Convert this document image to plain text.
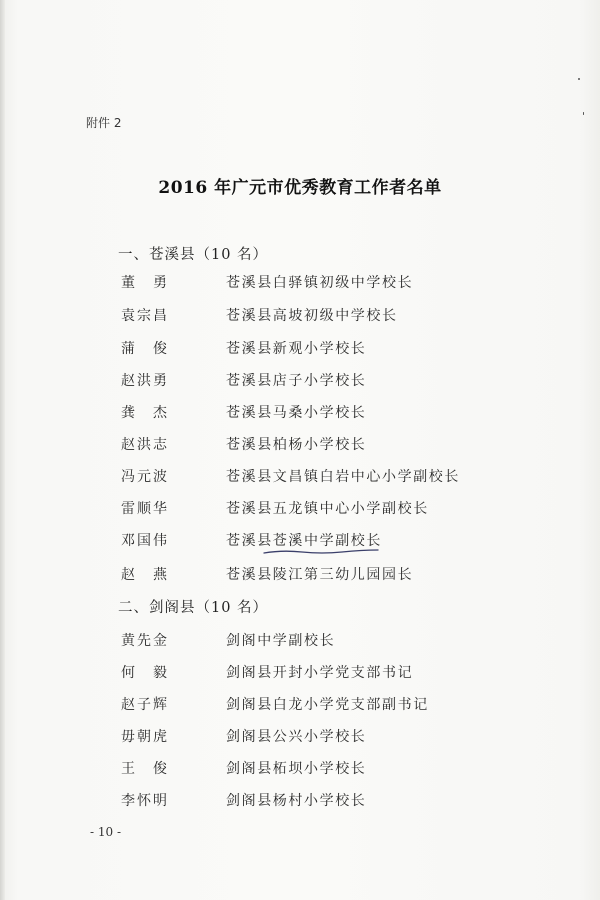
附件 2
2016 年广元市优秀教育工作者名单
一、苍溪县（10 名）
董 勇	苍溪县白驿镇初级中学校长
袁宗昌	苍溪县高坡初级中学校长
蒲 俊	苍溪县新观小学校长
赵洪勇	苍溪县店子小学校长
龚 杰	苍溪县马桑小学校长
赵洪志	苍溪县柏杨小学校长
冯元波	苍溪县文昌镇白岩中心小学副校长
雷顺华	苍溪县五龙镇中心小学副校长
邓国伟	苍溪县苍溪中学副校长
赵 燕	苍溪县陵江第三幼儿园园长
二、剑阁县（10 名）
黄先金	剑阁中学副校长
何 毅	剑阁县开封小学党支部书记
赵子辉	剑阁县白龙小学党支部副书记
毋朝虎	剑阁县公兴小学校长
王 俊	剑阁县柘坝小学校长
李怀明	剑阁县杨村小学校长
- 10 -
